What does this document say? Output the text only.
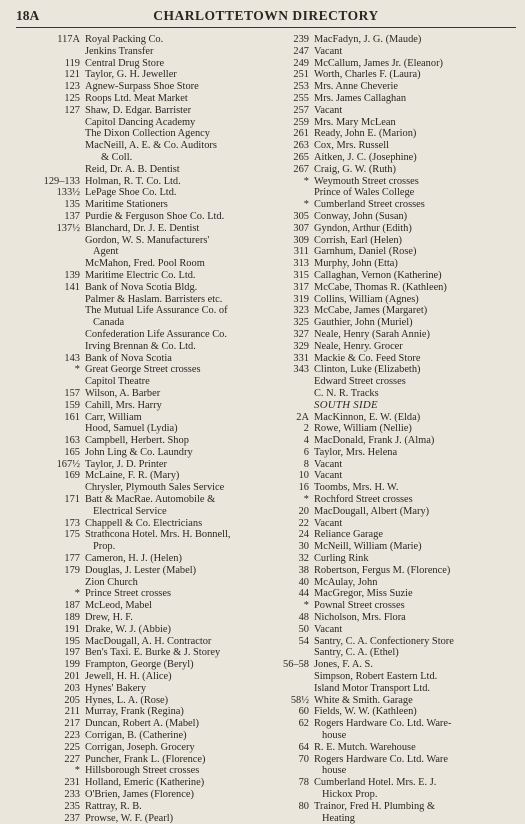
18A	CHARLOTTETOWN DIRECTORY
117A Royal Packing Co.
Jenkins Transfer
119 Central Drug Store
121 Taylor, G. H. Jeweller
123 Agnew-Surpass Shoe Store
125 Roops Ltd. Meat Market
127 Shaw, D. Edgar. Barrister
Capitol Dancing Academy
The Dixon Collection Agency
MacNeill, A. E. & Co. Auditors
& Coll.
Reid, Dr. A. B. Dentist
129–133 Holman, R. T. Co. Ltd.
133½ LePage Shoe Co. Ltd.
135 Maritime Stationers
137 Purdie & Ferguson Shoe Co. Ltd.
137½ Blanchard, Dr. J. E. Dentist
Gordon, W. S. Manufacturers'
Agent
McMahon, Fred. Pool Room
139 Maritime Electric Co. Ltd.
141 Bank of Nova Scotia Bldg.
Palmer & Haslam. Barristers etc.
The Mutual Life Assurance Co. of
Canada
Confederation Life Assurance Co.
Irving Brennan & Co. Ltd.
143 Bank of Nova Scotia
* Great George Street crosses
Capitol Theatre
157 Wilson, A. Barber
159 Cahill, Mrs. Harry
161 Carr, William
Hood, Samuel (Lydia)
163 Campbell, Herbert. Shop
165 John Ling & Co. Laundry
167½ Taylor, J. D. Printer
169 McLaine, F. R. (Mary)
Chrysler, Plymouth Sales Service
171 Batt & MacRae. Automobile &
Electrical Service
173 Chappell & Co. Electricians
175 Strathcona Hotel. Mrs. H. Bonnell,
Prop.
177 Cameron, H. J. (Helen)
179 Douglas, J. Lester (Mabel)
Zion Church
* Prince Street crosses
187 McLeod, Mabel
189 Drew, H. F.
191 Drake, W. J. (Abbie)
195 MacDougall, A. H. Contractor
197 Ben's Taxi. E. Burke & J. Storey
199 Frampton, George (Beryl)
201 Jewell, H. H. (Alice)
203 Hynes' Bakery
205 Hynes, L. A. (Rose)
211 Murray, Frank (Regina)
217 Duncan, Robert A. (Mabel)
223 Corrigan, B. (Catherine)
225 Corrigan, Joseph. Grocery
227 Puncher, Frank L. (Florence)
* Hillsborough Street crosses
231 Holland, Emeric (Katherine)
233 O'Brien, James (Florence)
235 Rattray, R. B.
237 Prowse, W. F. (Pearl)
239 MacFadyn, J. G. (Maude)
247 Vacant
249 McCallum, James Jr. (Eleanor)
251 Worth, Charles F. (Laura)
253 Mrs. Anne Cheverie
255 Mrs. James Callaghan
257 Vacant
259 Mrs. Mary McLean
261 Ready, John E. (Marion)
263 Cox, Mrs. Russell
265 Aitken, J. C. (Josephine)
267 Craig, G. W. (Ruth)
* Weymouth Street crosses
Prince of Wales College
* Cumberland Street crosses
305 Conway, John (Susan)
307 Gyndon, Arthur (Edith)
309 Corrish, Earl (Helen)
311 Garnhum, Daniel (Rose)
313 Murphy, John (Etta)
315 Callaghan, Vernon (Katherine)
317 McCabe, Thomas R. (Kathleen)
319 Collins, William (Agnes)
323 McCabe, James (Margaret)
325 Gauthier, John (Muriel)
327 Neale, Henry (Sarah Annie)
329 Neale, Henry. Grocer
331 Mackie & Co. Feed Store
343 Clinton, Luke (Elizabeth)
Edward Street crosses
C. N. R. Tracks
SOUTH SIDE
2A MacKinnon, E. W. (Elda)
2 Rowe, William (Nellie)
4 MacDonald, Frank J. (Alma)
6 Taylor, Mrs. Helena
8 Vacant
10 Vacant
16 Toombs, Mrs. H. W.
* Rochford Street crosses
20 MacDougall, Albert (Mary)
22 Vacant
24 Reliance Garage
30 McNeill, William (Marie)
32 Curling Rink
38 Robertson, Fergus M. (Florence)
40 McAulay, John
44 MacGregor, Miss Suzie
* Pownal Street crosses
48 Nicholson, Mrs. Flora
50 Vacant
54 Santry, C. A. Confectionery Store
Santry, C. A. (Ethel)
56–58 Jones, F. A. S.
Simpson, Robert Eastern Ltd.
Island Motor Transport Ltd.
58½ White & Smith. Garage
60 Fields, W. W. (Kathleen)
62 Rogers Hardware Co. Ltd. Ware-
house
64 R. E. Mutch. Warehouse
70 Rogers Hardware Co. Ltd. Ware
house
78 Cumberland Hotel. Mrs. E. J.
Hickox Prop.
80 Trainor, Fred H. Plumbing &
Heating
